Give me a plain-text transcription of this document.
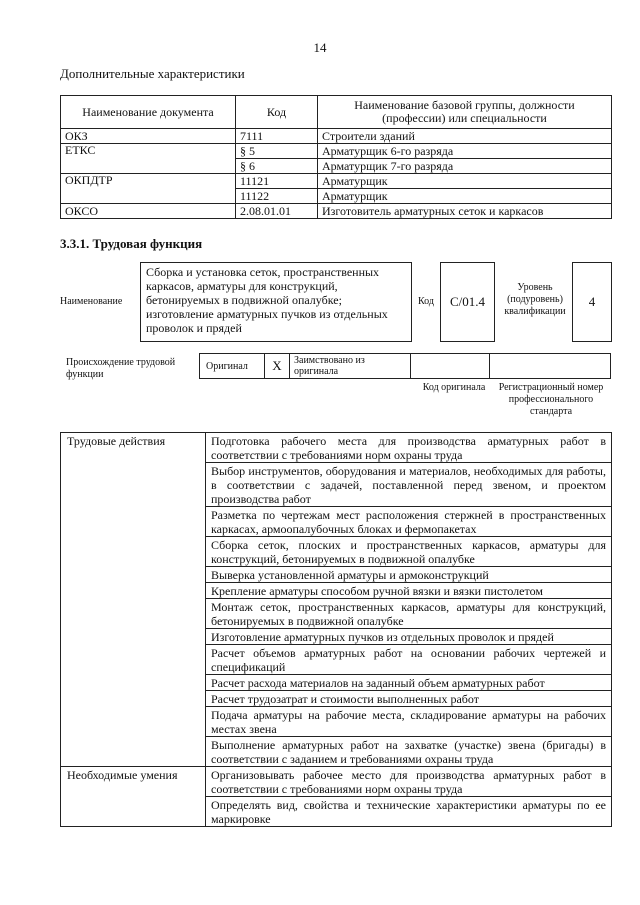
14
Дополнительные характеристики
Наименование документа	Код	Наименование базовой группы, должности (профессии) или специальности
ОКЗ	7111	Строители зданий
ЕТКС	§ 5	Арматурщик 6-го разряда
	§ 6	Арматурщик 7-го разряда
ОКПДТР	11121	Арматурщик
	11122	Арматурщик
ОКСО	2.08.01.01	Изготовитель арматурных сеток и каркасов
3.3.1. Трудовая функция
Наименование
Сборка и установка сеток, пространственных каркасов, арматуры для конструкций, бетонируемых в подвижной опалубке; изготовление арматурных пучков из отдельных проволок и прядей
Код	С/01.4
Уровень (подуровень) квалификации
4
Происхождение трудовой функции
Оригинал	X	Заимствовано из оригинала
Код оригинала	Регистрационный номер профессионального стандарта
Трудовые действия	Подготовка рабочего места для производства арматурных работ в соответствии с требованиями норм охраны труда
	Выбор инструментов, оборудования и материалов, необходимых для работы, в соответствии с задачей, поставленной перед звеном, и проектом производства работ
	Разметка по чертежам мест расположения стержней в пространственных каркасах, армоопалубочных блоках и фермопакетах
	Сборка сеток, плоских и пространственных каркасов, арматуры для конструкций, бетонируемых в подвижной опалубке
	Выверка установленной арматуры и армоконструкций
	Крепление арматуры способом ручной вязки и вязки пистолетом
	Монтаж сеток, пространственных каркасов, арматуры для конструкций, бетонируемых в подвижной опалубке
	Изготовление арматурных пучков из отдельных проволок и прядей
	Расчет объемов арматурных работ на основании рабочих чертежей и спецификаций
	Расчет расхода материалов на заданный объем арматурных работ
	Расчет трудозатрат и стоимости выполненных работ
	Подача арматуры на рабочие места, складирование арматуры на рабочих местах звена
	Выполнение арматурных работ на захватке (участке) звена (бригады) в соответствии с заданием и требованиями охраны труда
Необходимые умения	Организовывать рабочее место для производства арматурных работ в соответствии с требованиями норм охраны труда
	Определять вид, свойства и технические характеристики арматуры по ее маркировке
